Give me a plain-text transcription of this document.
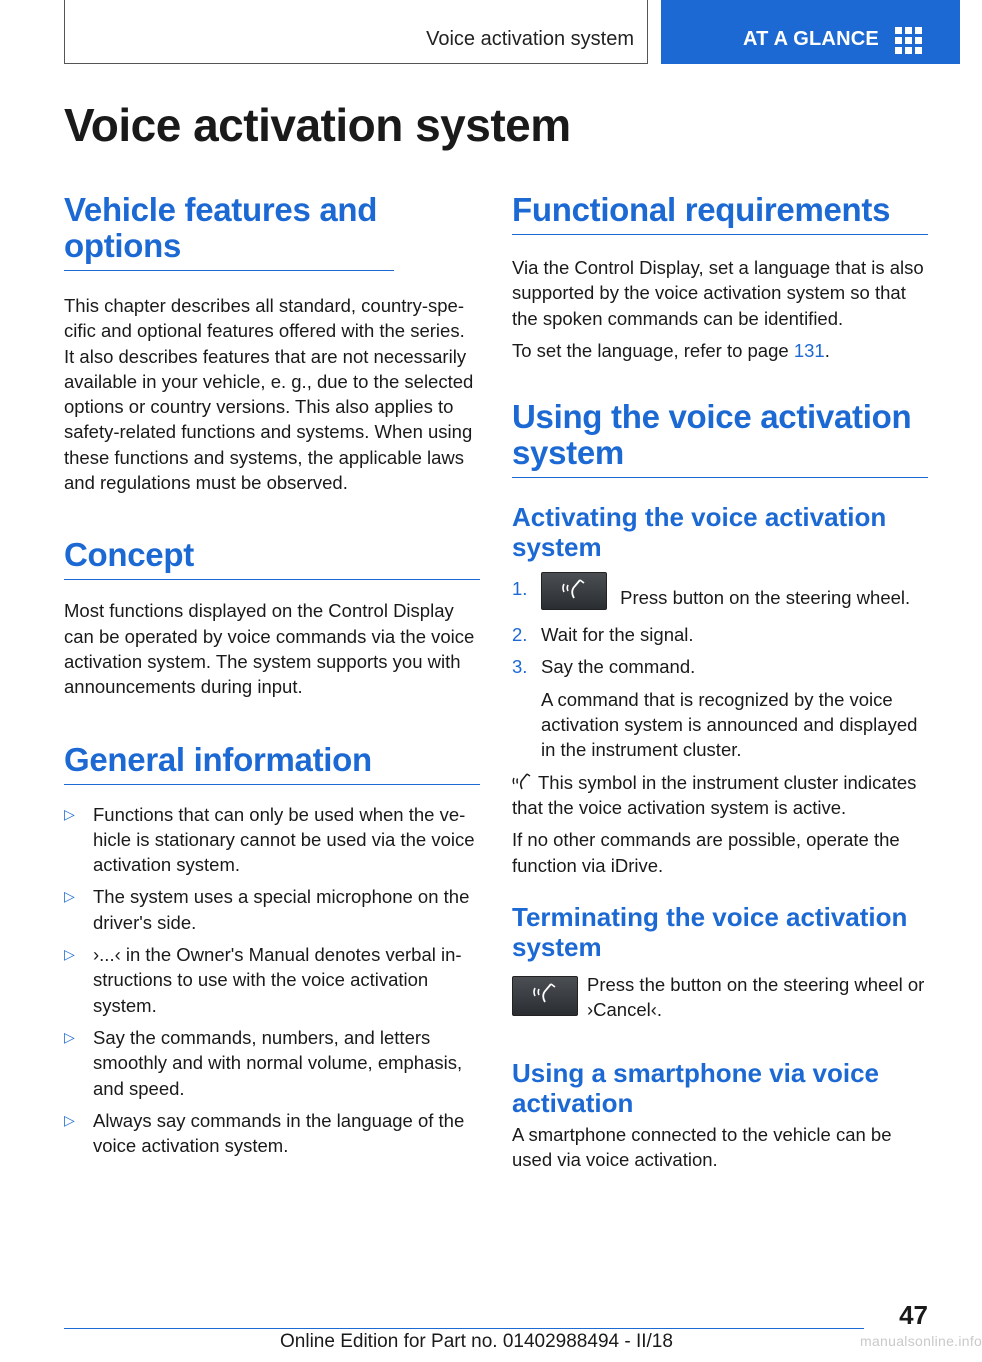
Voice activation system	AT A GLANCE
Voice activation system
Vehicle features and options

This chapter describes all standard, country-specific and optional features offered with the series. It also describes features that are not necessarily available in your vehicle, e. g., due to the selected options or country versions. This also applies to safety-related functions and systems. When using these functions and systems, the applicable laws and regulations must be observed.

Concept

Most functions displayed on the Control Display can be operated by voice commands via the voice activation system. The system supports you with announcements during input.

General information
▷ Functions that can only be used when the vehicle is stationary cannot be used via the voice activation system.
▷ The system uses a special microphone on the driver's side.
▷ ›...‹ in the Owner's Manual denotes verbal instructions to use with the voice activation system.
▷ Say the commands, numbers, and letters smoothly and with normal volume, emphasis, and speed.
▷ Always say commands in the language of the voice activation system.
Functional requirements

Via the Control Display, set a language that is also supported by the voice activation system so that the spoken commands can be identified.

To set the language, refer to page 131.

Using the voice activation system
Activating the voice activation system
1.	Press button on the steering wheel.
2. Wait for the signal.
3. Say the command.

A command that is recognized by the voice activation system is announced and displayed in the instrument cluster.

This symbol in the instrument cluster indicates that the voice activation system is active.

If no other commands are possible, operate the function via iDrive.

Terminating the voice activation system

Press the button on the steering wheel or ›Cancel‹.

Using a smartphone via voice activation

A smartphone connected to the vehicle can be used via voice activation.

47
Online Edition for Part no. 01402988494 - II/18	manualsonline.info
